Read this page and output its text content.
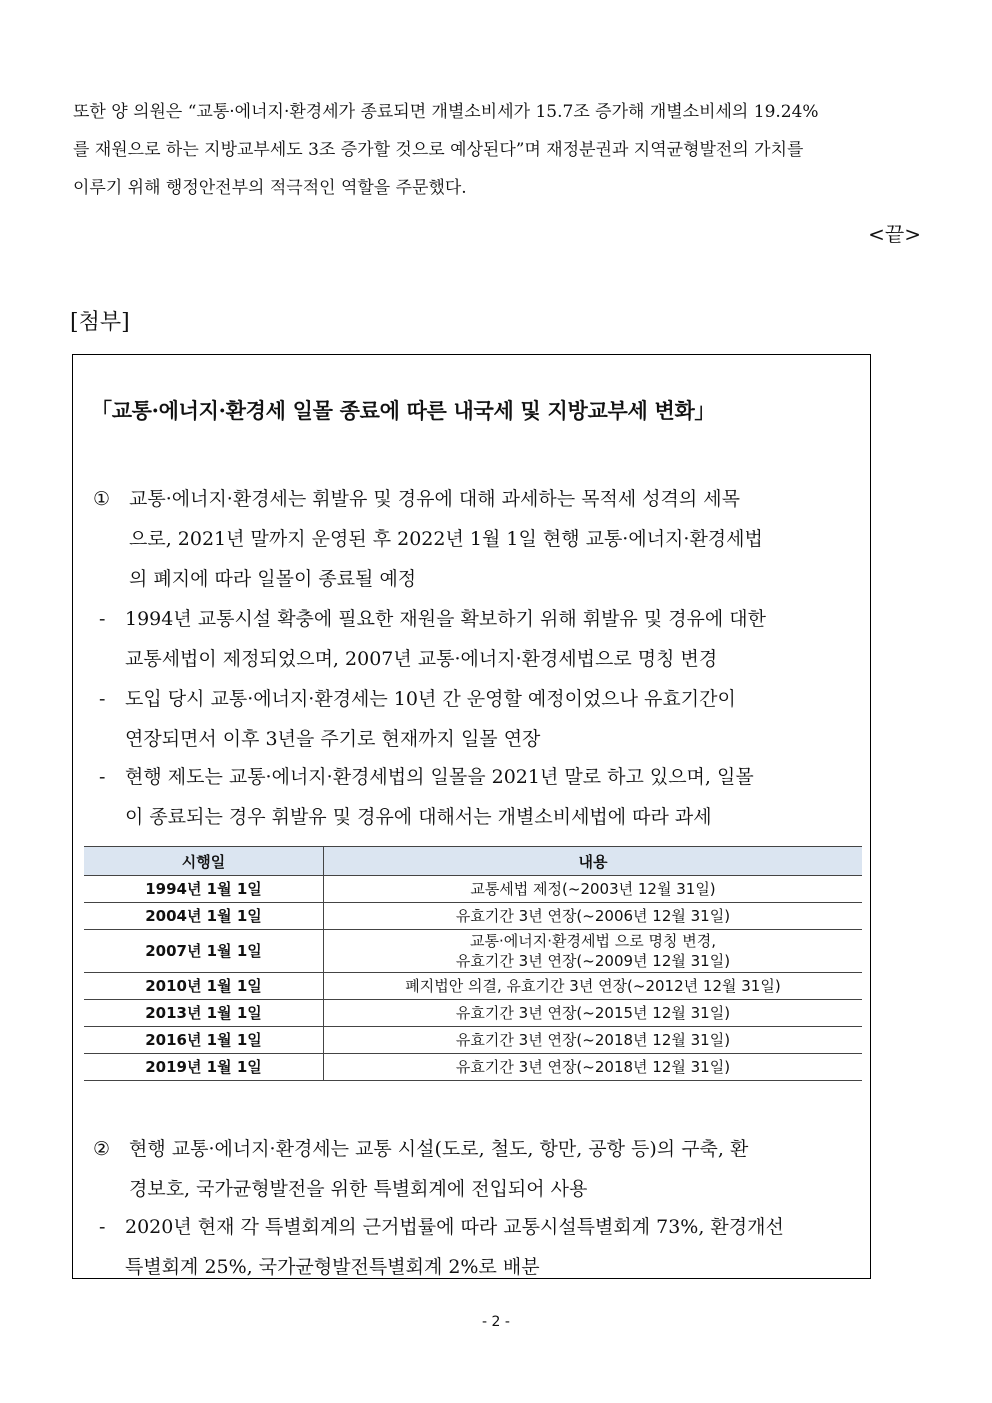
또한 양 의원은 “교통·에너지·환경세가 종료되면 개별소비세가 15.7조 증가해 개별소비세의 19.24%

를 재원으로 하는 지방교부세도 3조 증가할 것으로 예상된다”며 재정분권과 지역균형발전의 가치를

이루기 위해 행정안전부의 적극적인 역할을 주문했다.

<끝>
[첨부]
「교통·에너지·환경세 일몰 종료에 따른 내국세 및 지방교부세 변화」
① 교통·에너지·환경세는 휘발유 및 경유에 대해 과세하는 목적세 성격의 세목
으로, 2021년 말까지 운영된 후 2022년 1월 1일 현행 교통·에너지·환경세법
의 폐지에 따라 일몰이 종료될 예정
-	1994년 교통시설 확충에 필요한 재원을 확보하기 위해 휘발유 및 경유에 대한
교통세법이 제정되었으며, 2007년 교통·에너지·환경세법으로 명칭 변경
-	도입 당시 교통·에너지·환경세는 10년 간 운영할 예정이었으나 유효기간이
연장되면서 이후 3년을 주기로 현재까지 일몰 연장
-	현행 제도는 교통·에너지·환경세법의 일몰을 2021년 말로 하고 있으며, 일몰
이 종료되는 경우 휘발유 및 경유에 대해서는 개별소비세법에 따라 과세
시행일	내용
1994년 1월 1일	교통세법 제정(~2003년 12월 31일)
2004년 1월 1일	유효기간 3년 연장(~2006년 12월 31일)
2007년 1월 1일	교통·에너지·환경세법 으로 명칭 변경,
유효기간 3년 연장(~2009년 12월 31일)

2010년 1월 1일	폐지법안 의결, 유효기간 3년 연장(~2012년 12월 31일)
2013년 1월 1일	유효기간 3년 연장(~2015년 12월 31일)
2016년 1월 1일	유효기간 3년 연장(~2018년 12월 31일)
2019년 1월 1일	유효기간 3년 연장(~2018년 12월 31일)
② 현행 교통·에너지·환경세는 교통 시설(도로, 철도, 항만, 공항 등)의 구축, 환
경보호, 국가균형발전을 위한 특별회계에 전입되어 사용
-	2020년 현재 각 특별회계의 근거법률에 따라 교통시설특별회계 73%, 환경개선
특별회계 25%, 국가균형발전특별회계 2%로 배분
- 2 -
